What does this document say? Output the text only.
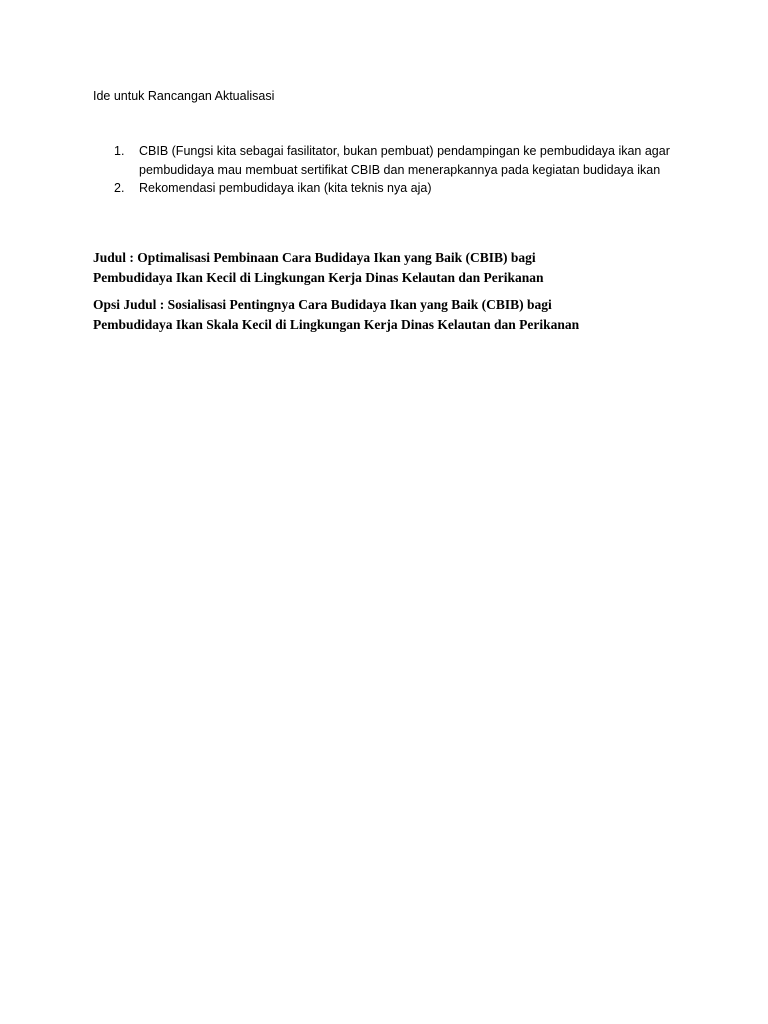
Ide untuk Rancangan Aktualisasi
1. CBIB (Fungsi kita sebagai fasilitator, bukan pembuat) pendampingan ke pembudidaya ikan agar pembudidaya mau membuat sertifikat CBIB dan menerapkannya pada kegiatan budidaya ikan
2. Rekomendasi pembudidaya ikan (kita teknis nya aja)
Judul : Optimalisasi Pembinaan Cara Budidaya Ikan yang Baik (CBIB) bagi
Pembudidaya Ikan Kecil di Lingkungan Kerja Dinas Kelautan dan Perikanan
Opsi Judul : Sosialisasi Pentingnya Cara Budidaya Ikan yang Baik (CBIB) bagi
Pembudidaya Ikan Skala Kecil di Lingkungan Kerja Dinas Kelautan dan Perikanan
